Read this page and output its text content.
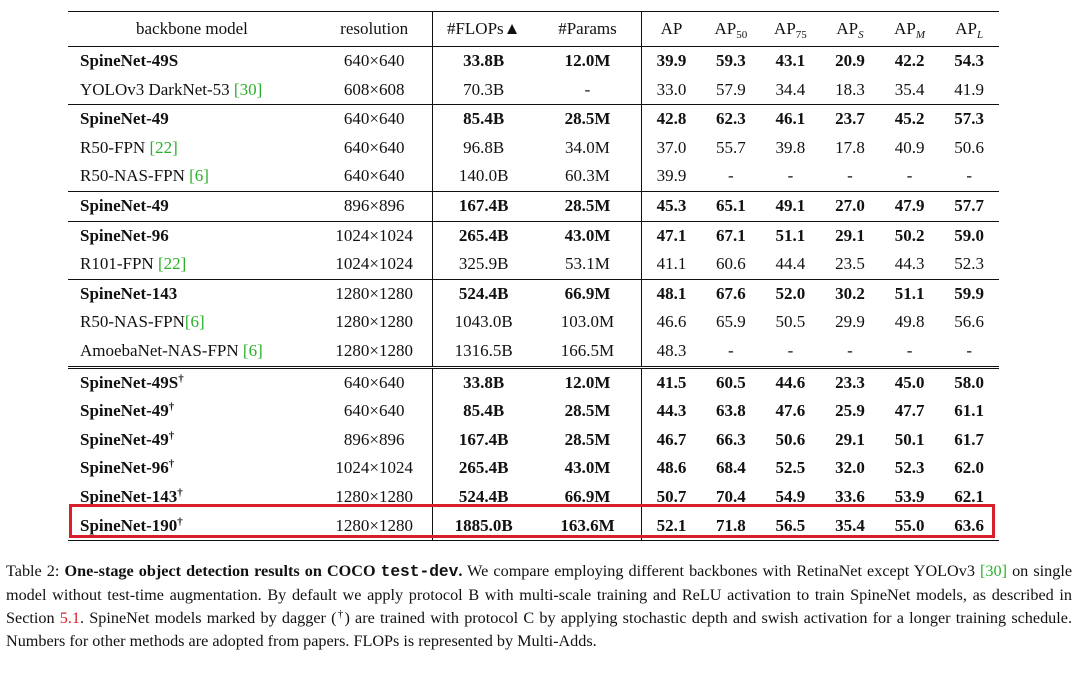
backbone model	resolution	#FLOPs▲	#Params	AP	$AP_{50}$	$AP_{75}$	$AP_S$	$AP_M$	$AP_L$
SpineNet-49S	640×640	33.8B	12.0M	39.9	59.3	43.1	20.9	42.2	54.3
YOLOv3 DarkNet-53 [30]	608×608	70.3B	-	33.0	57.9	34.4	18.3	35.4	41.9
SpineNet-49	640×640	85.4B	28.5M	42.8	62.3	46.1	23.7	45.2	57.3
R50-FPN [22]	640×640	96.8B	34.0M	37.0	55.7	39.8	17.8	40.9	50.6
R50-NAS-FPN [6]	640×640	140.0B	60.3M	39.9	-	-	-	-	-
SpineNet-49	896×896	167.4B	28.5M	45.3	65.1	49.1	27.0	47.9	57.7
SpineNet-96	1024×1024	265.4B	43.0M	47.1	67.1	51.1	29.1	50.2	59.0
R101-FPN [22]	1024×1024	325.9B	53.1M	41.1	60.6	44.4	23.5	44.3	52.3
SpineNet-143	1280×1280	524.4B	66.9M	48.1	67.6	52.0	30.2	51.1	59.9
R50-NAS-FPN[6]	1280×1280	1043.0B	103.0M	46.6	65.9	50.5	29.9	49.8	56.6
AmoebaNet-NAS-FPN [6]	1280×1280	1316.5B	166.5M	48.3	-	-	-	-	-
SpineNet-49S†	640×640	33.8B	12.0M	41.5	60.5	44.6	23.3	45.0	58.0
SpineNet-49†	640×640	85.4B	28.5M	44.3	63.8	47.6	25.9	47.7	61.1
SpineNet-49†	896×896	167.4B	28.5M	46.7	66.3	50.6	29.1	50.1	61.7
SpineNet-96†	1024×1024	265.4B	43.0M	48.6	68.4	52.5	32.0	52.3	62.0
SpineNet-143†	1280×1280	524.4B	66.9M	50.7	70.4	54.9	33.6	53.9	62.1
SpineNet-190†	1280×1280	1885.0B	163.6M	52.1	71.8	56.5	35.4	55.0	63.6
Table 2: One-stage object detection results on COCO test-dev. We compare employing different backbones with RetinaNet except YOLOv3 [30] on single model without test-time augmentation. By default we apply protocol B with multi-scale training and ReLU activation to train SpineNet models, as described in Section 5.1. SpineNet models marked by dagger (†) are trained with protocol C by applying stochastic depth and swish activation for a longer training schedule. Numbers for other methods are adopted from papers. FLOPs is represented by Multi-Adds.
